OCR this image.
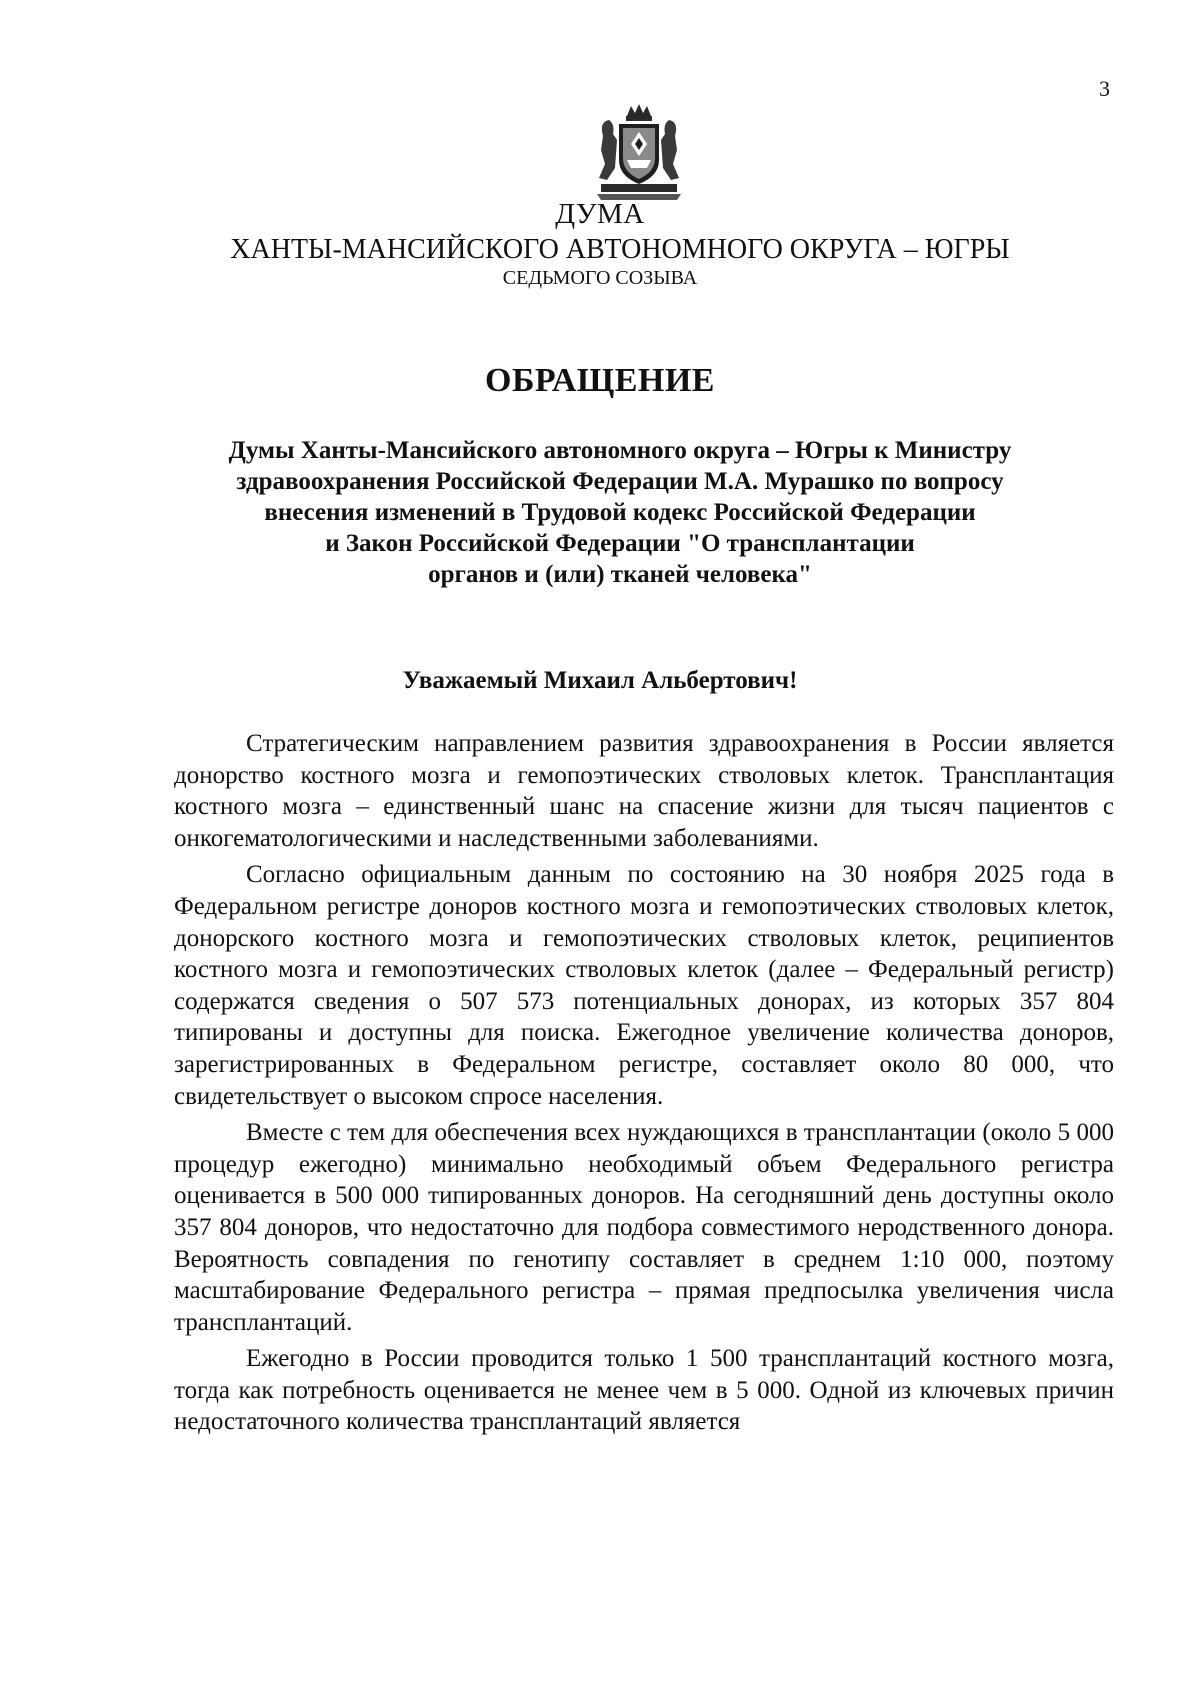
3
ДУМА
ХАНТЫ-МАНСИЙСКОГО АВТОНОМНОГО ОКРУГА – ЮГРЫ
СЕДЬМОГО СОЗЫВА
ОБРАЩЕНИЕ
Думы Ханты-Мансийского автономного округа – Югры к Министру
здравоохранения Российской Федерации М.А. Мурашко по вопросу
внесения изменений в Трудовой кодекс Российской Федерации
и Закон Российской Федерации "О трансплантации
органов и (или) тканей человека"
Уважаемый Михаил Альбертович!

Стратегическим направлением развития здравоохранения в России является донорство костного мозга и гемопоэтических стволовых клеток. Трансплантация костного мозга – единственный шанс на спасение жизни для тысяч пациентов с онкогематологическими и наследственными заболеваниями.

Согласно официальным данным по состоянию на 30 ноября 2025 года в Федеральном регистре доноров костного мозга и гемопоэтических стволовых клеток, донорского костного мозга и гемопоэтических стволовых клеток, реципиентов костного мозга и гемопоэтических стволовых клеток (далее – Федеральный регистр) содержатся сведения о 507 573 потенциальных донорах, из которых 357 804 типированы и доступны для поиска. Ежегодное увеличение количества доноров, зарегистрированных в Федеральном регистре, составляет около 80 000, что свидетельствует о высоком спросе населения.

Вместе с тем для обеспечения всех нуждающихся в трансплантации (около 5 000 процедур ежегодно) минимально необходимый объем Федерального регистра оценивается в 500 000 типированных доноров. На сегодняшний день доступны около 357 804 доноров, что недостаточно для подбора совместимого неродственного донора. Вероятность совпадения по генотипу составляет в среднем 1:10 000, поэтому масштабирование Федерального регистра – прямая предпосылка увеличения числа трансплантаций.

Ежегодно в России проводится только 1 500 трансплантаций костного мозга, тогда как потребность оценивается не менее чем в 5 000. Одной из ключевых причин недостаточного количества трансплантаций является
